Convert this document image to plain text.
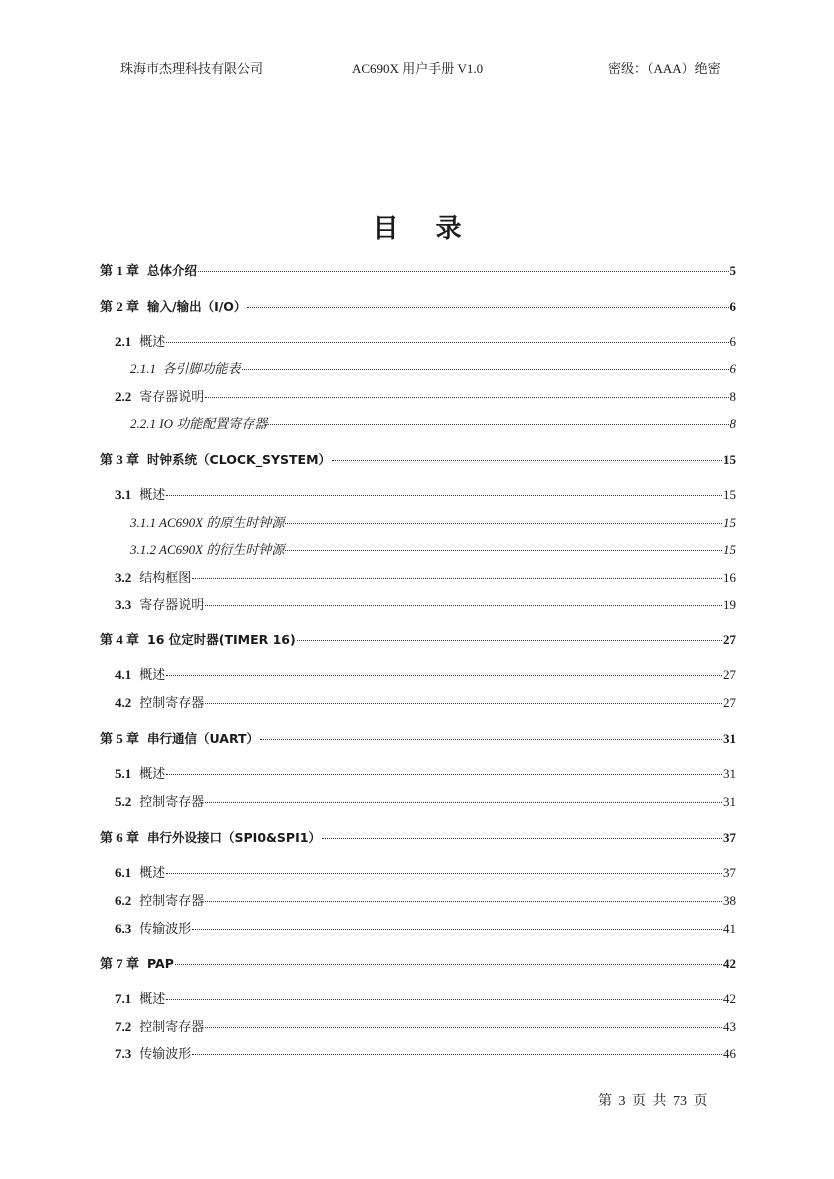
珠海市杰理科技有限公司	AC690X 用户手册 V1.0	密级：（AAA）绝密
目 录
第 1 章 总体介绍	5
第 2 章 输入/输出（I/O）	6
2.1 概述	6
2.1.1  各引脚功能表	6
2.2 寄存器说明	8
2.2.1 IO 功能配置寄存器	8
第 3 章 时钟系统（CLOCK_SYSTEM）	15
3.1 概述	15
3.1.1 AC690X 的原生时钟源	15
3.1.2 AC690X 的衍生时钟源	15
3.2 结构框图	16
3.3 寄存器说明	19
第 4 章 16 位定时器(TIMER 16)	27
4.1 概述	27
4.2 控制寄存器	27
第 5 章 串行通信（UART）	31
5.1 概述	31
5.2 控制寄存器	31
第 6 章 串行外设接口（SPI0&SPI1）	37
6.1 概述	37
6.2 控制寄存器	38
6.3 传输波形	41
第 7 章 PAP	42
7.1 概述	42
7.2 控制寄存器	43
7.3 传输波形	46
第 3 页 共 73 页
